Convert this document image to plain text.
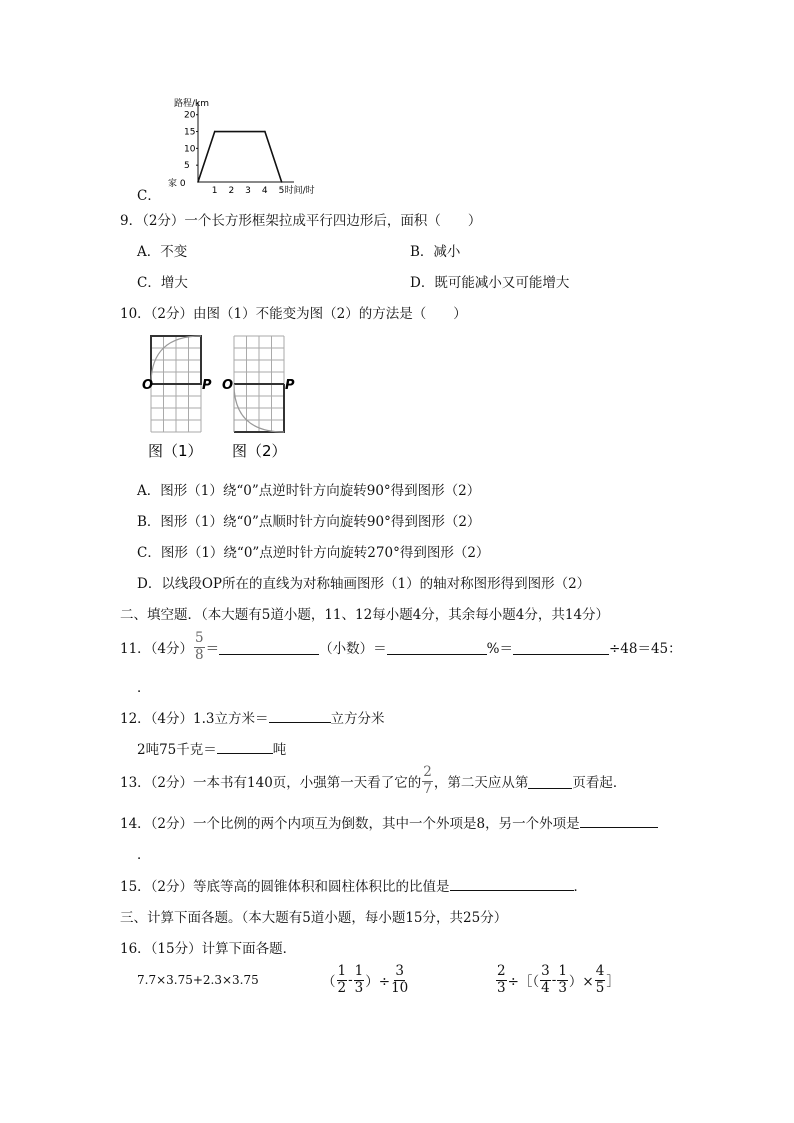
路程/km
家 0
5
10
15
20
1 2 3 4 5 时间/时
C．
9．（2分）一个长方形框架拉成平行四边形后，面积（　　）
A．不变	B．减小
C．增大	D．既可能减小又可能增大
10．（2分）由图（1）不能变为图（2）的方法是（　　）
O	P O	P
图（1） 图（2）
A．图形（1）绕“0”点逆时针方向旋转90°得到图形（2）
B．图形（1）绕“0”点顺时针方向旋转90°得到图形（2）
C．图形（1）绕“0”点逆时针方向旋转270°得到图形（2）
D．以线段OP所在的直线为对称轴画图形（1）的轴对称图形得到图形（2）
二、填空题．（本大题有5道小题，11、12每小题4分，其余每小题4分，共14分）
11．（4分） $\frac{5}{8}$ ＝	（小数）＝	%＝	÷48＝45：
．
12．（4分）1.3立方米＝	立方分米
2吨75千克＝	吨
13．（2分）一本书有140页，小强第一天看了它的 $\frac{2}{7}$ ，第二天应从第	页看起．
14．（2分）一个比例的两个内项互为倒数，其中一个外项是8，另一个外项是
．
15．（2分）等底等高的圆锥体积和圆柱体积比的比值是	．
三、计算下面各题。（本大题有5道小题，每小题15分，共25分）
16．（15分）计算下面各题．
7.7×3.75+2.3×3.75	（ $\frac{1}{2} - \frac{1}{3}$ ）÷ $\frac{3}{10}$	$\frac{2}{3}$ ÷［（ $\frac{3}{4} - \frac{1}{3}$ ）× $\frac{4}{5}$ ］
